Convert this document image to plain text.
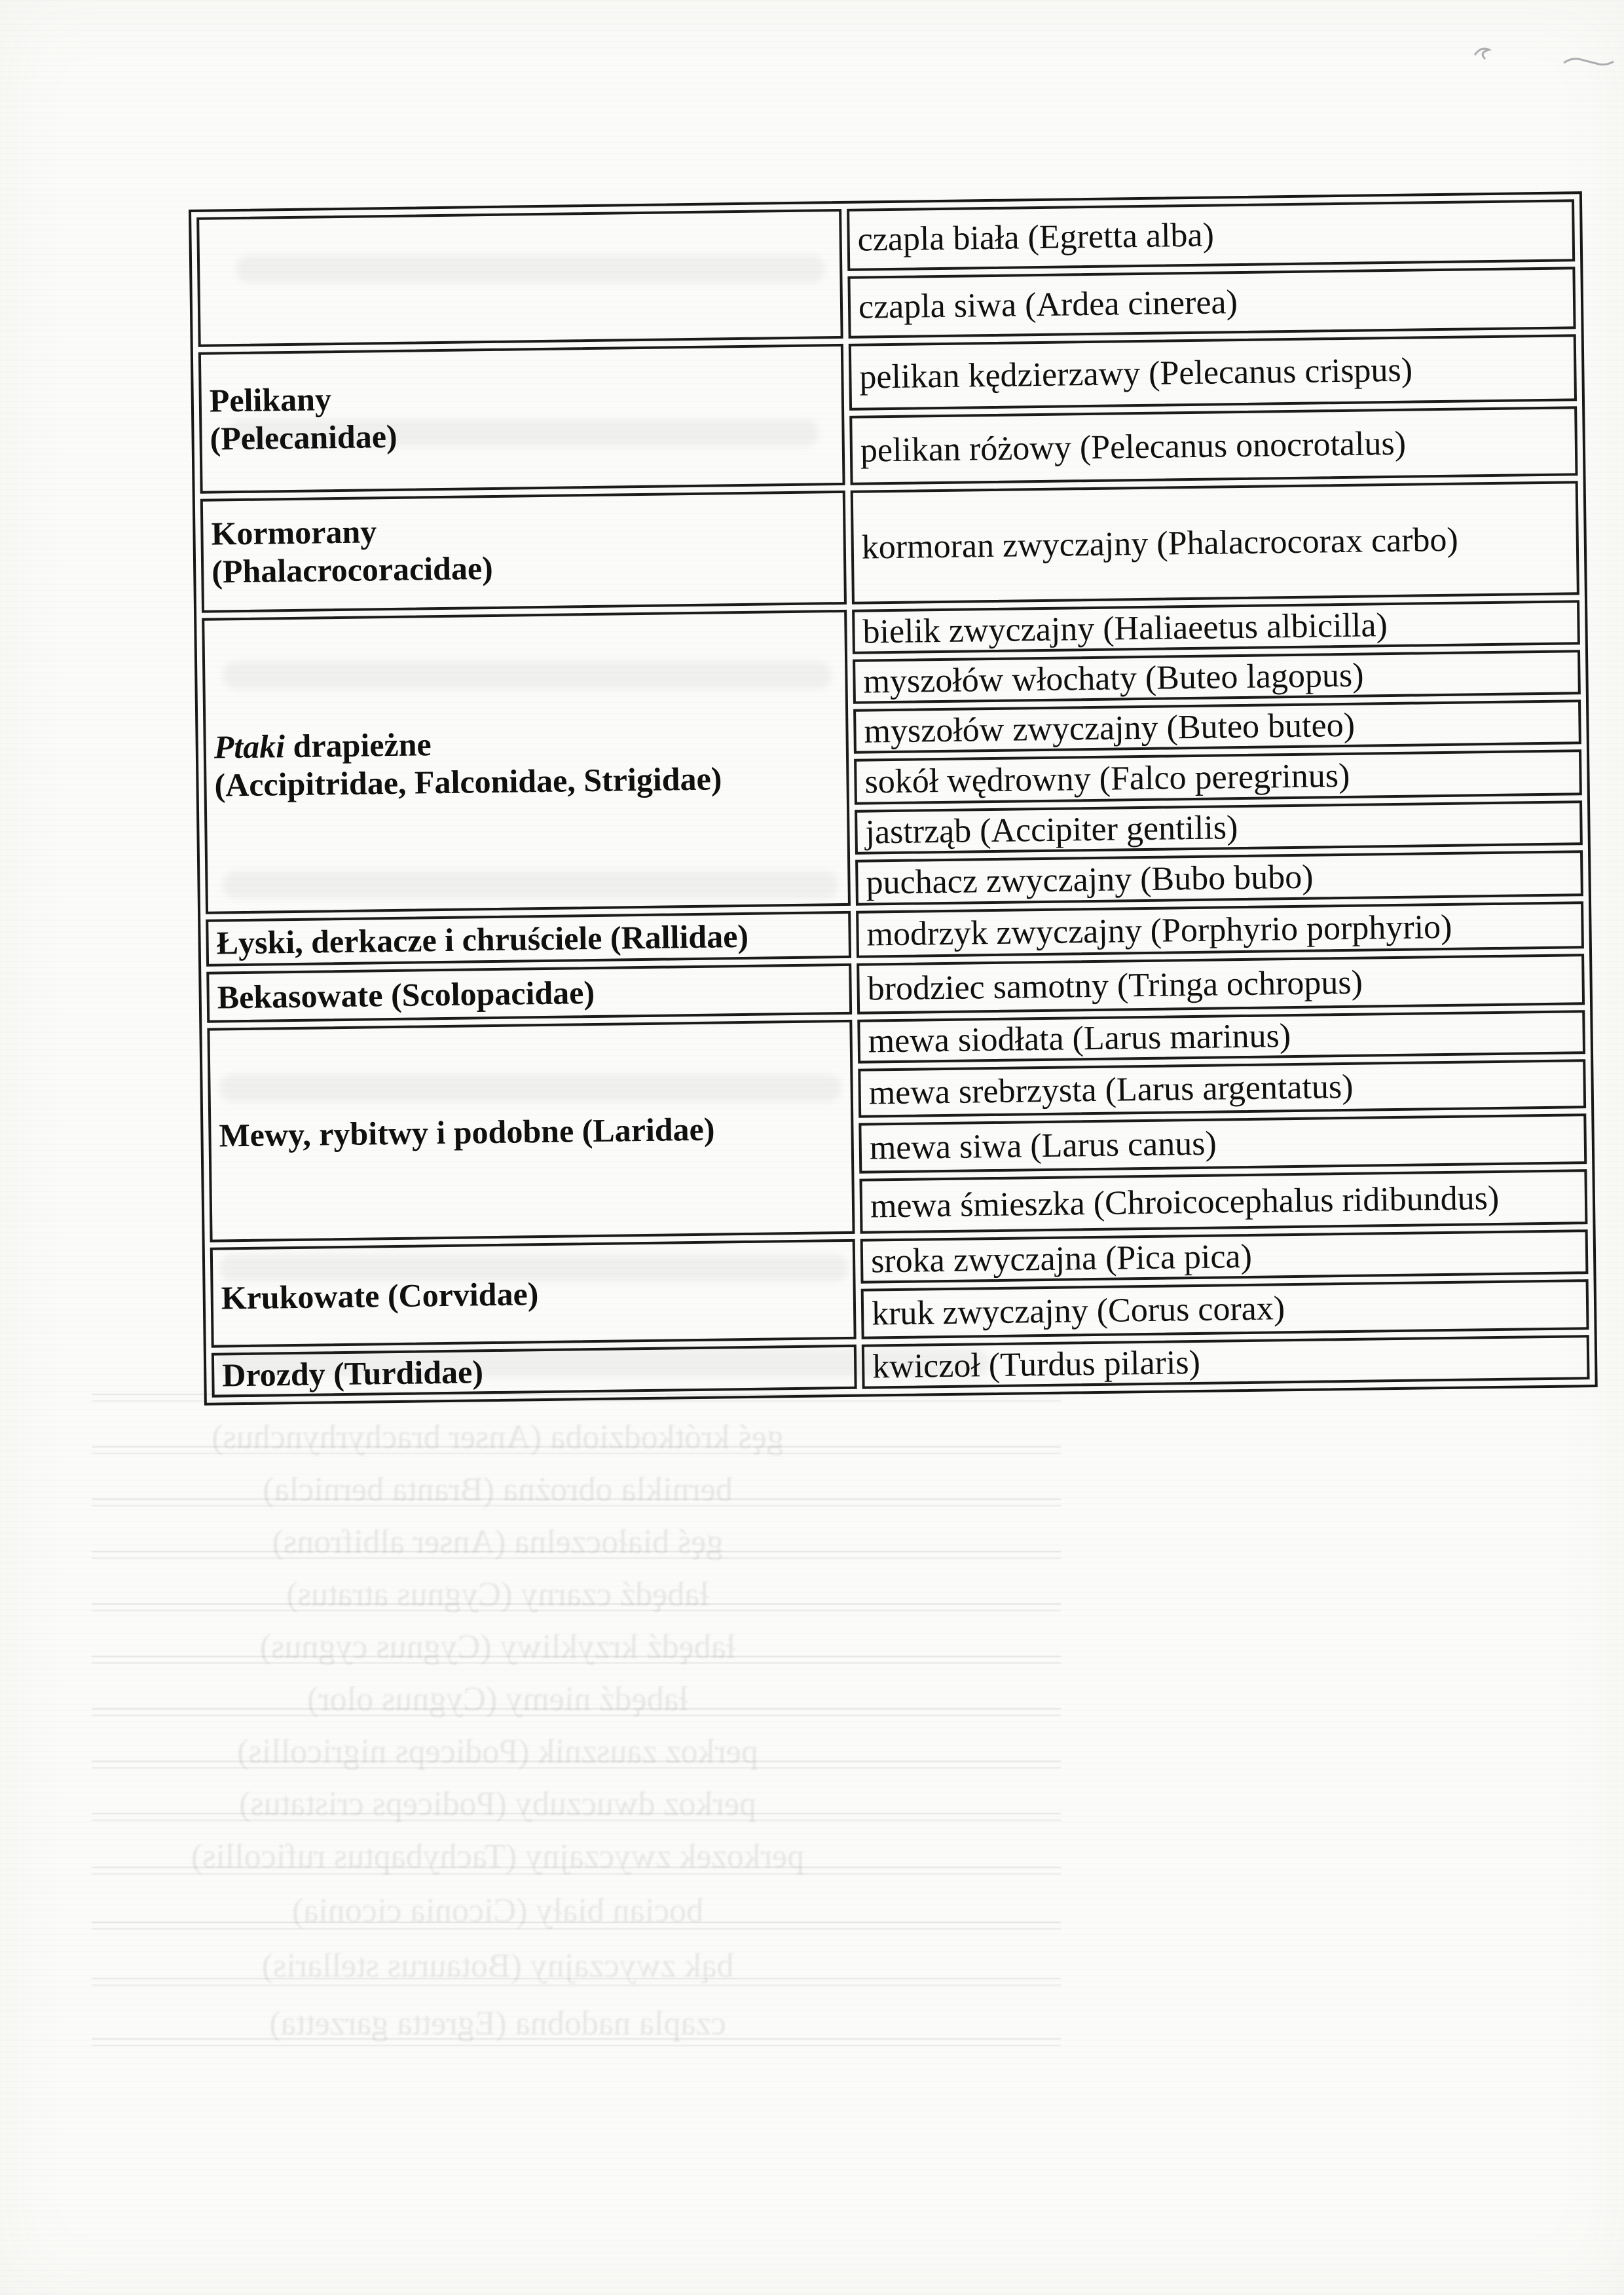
gęś krótkodzioba (Anser brachyrhynchus)
bernikla obrożna (Branta bernicla)
gęś białoczelna (Anser albifrons)
łabędź czarny (Cygnus atratus)
łabędź krzykliwy (Cygnus cygnus)
łabędź niemy (Cygnus olor)
perkoz zausznik (Podiceps nigricollis)
perkoz dwuczuby (Podiceps cristatus)
perkozek zwyczajny (Tachybaptus ruficollis)
bocian biały (Ciconia ciconia)
bąk zwyczajny (Botaurus stellaris)
czapla nadobna (Egretta garzetta)
	czapla biała (Egretta alba)
	czapla siwa (Ardea cinerea)

Pelikany
(Pelecanidae)	pelikan kędzierzawy (Pelecanus crispus)
	pelikan różowy (Pelecanus onocrotalus)

Kormorany
(Phalacrocoracidae)	kormoran zwyczajny (Phalacrocorax carbo)

Ptaki drapieżne
(Accipitridae, Falconidae, Strigidae)	bielik zwyczajny (Haliaeetus albicilla)
	myszołów włochaty (Buteo lagopus)
	myszołów zwyczajny (Buteo buteo)
	sokół wędrowny (Falco peregrinus)
	jastrząb (Accipiter gentilis)
	puchacz zwyczajny (Bubo bubo)

Łyski, derkacze i chruściele (Rallidae)	modrzyk zwyczajny (Porphyrio porphyrio)

Bekasowate (Scolopacidae)	brodziec samotny (Tringa ochropus)

Mewy, rybitwy i podobne (Laridae)	mewa siodłata (Larus marinus)
	mewa srebrzysta (Larus argentatus)
	mewa siwa (Larus canus)
	mewa śmieszka (Chroicocephalus ridibundus)

Krukowate (Corvidae)	sroka zwyczajna (Pica pica)
	kruk zwyczajny (Corus corax)

Drozdy (Turdidae)	kwiczoł (Turdus pilaris)
